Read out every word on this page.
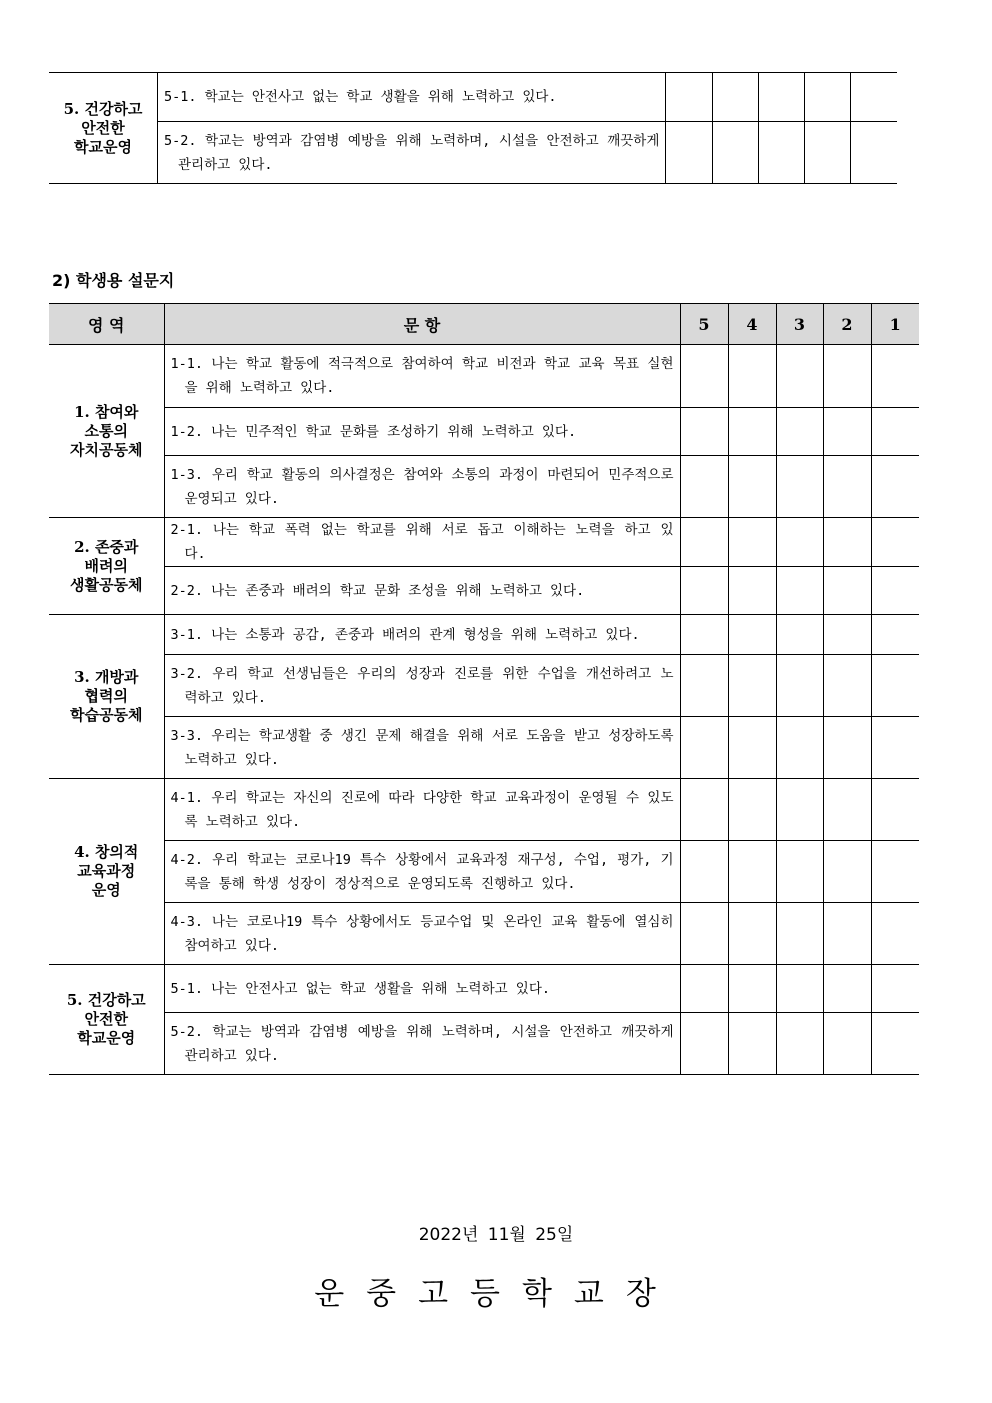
5. 건강하고
안전한
학교운영	5-1. 학교는 안전사고 없는 학교 생활을 위해 노력하고 있다.					

	5-2. 학교는 방역과 감염병 예방을 위해 노력하며, 시설을 안전하고 깨끗하게 관리하고 있다.					

2) 학생용 설문지
영 역	문 항	5	4	3	2	1
1. 참여와
소통의
자치공동체	1-1. 나는 학교 활동에 적극적으로 참여하여 학교 비전과 학교 교육 목표 실현을 위해 노력하고 있다.					

	1-2. 나는 민주적인 학교 문화를 조성하기 위해 노력하고 있다.					

	1-3. 우리 학교 활동의 의사결정은 참여와 소통의 과정이 마련되어 민주적으로 운영되고 있다.					

2. 존중과
배려의
생활공동체	2-1. 나는 학교 폭력 없는 학교를 위해 서로 돕고 이해하는 노력을 하고 있다.					

	2-2. 나는 존중과 배려의 학교 문화 조성을 위해 노력하고 있다.					

3. 개방과
협력의
학습공동체	3-1. 나는 소통과 공감, 존중과 배려의 관계 형성을 위해 노력하고 있다.					

	3-2. 우리 학교 선생님들은 우리의 성장과 진로를 위한 수업을 개선하려고 노력하고 있다.					

	3-3. 우리는 학교생활 중 생긴 문제 해결을 위해 서로 도움을 받고 성장하도록 노력하고 있다.					

4. 창의적
교육과정
운영	4-1. 우리 학교는 자신의 진로에 따라 다양한 학교 교육과정이 운영될 수 있도록 노력하고 있다.					

	4-2. 우리 학교는 코로나19 특수 상황에서 교육과정 재구성, 수업, 평가, 기록을 통해 학생 성장이 정상적으로 운영되도록 진행하고 있다.					

	4-3. 나는 코로나19 특수 상황에서도 등교수업 및 온라인 교육 활동에 열심히 참여하고 있다.					

5. 건강하고
안전한
학교운영	5-1. 나는 안전사고 없는 학교 생활을 위해 노력하고 있다.					

	5-2. 학교는 방역과 감염병 예방을 위해 노력하며, 시설을 안전하고 깨끗하게 관리하고 있다.					

2022년 11월 25일
운중고등학교장
